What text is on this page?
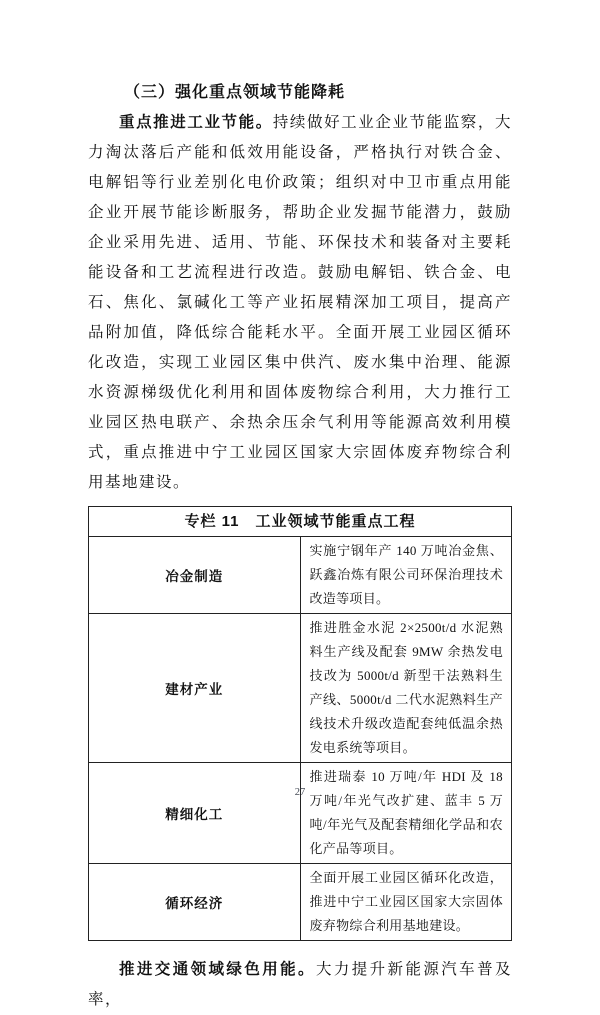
（三）强化重点领域节能降耗
重点推进工业节能。持续做好工业企业节能监察，大力淘汰落后产能和低效用能设备，严格执行对铁合金、电解铝等行业差别化电价政策；组织对中卫市重点用能企业开展节能诊断服务，帮助企业发掘节能潜力，鼓励企业采用先进、适用、节能、环保技术和装备对主要耗能设备和工艺流程进行改造。鼓励电解铝、铁合金、电石、焦化、氯碱化工等产业拓展精深加工项目，提高产品附加值，降低综合能耗水平。全面开展工业园区循环化改造，实现工业园区集中供汽、废水集中治理、能源水资源梯级优化利用和固体废物综合利用，大力推行工业园区热电联产、余热余压余气利用等能源高效利用模式，重点推进中宁工业园区国家大宗固体废弃物综合利用基地建设。
专栏 11　工业领域节能重点工程	
冶金制造	实施宁钢年产 140 万吨冶金焦、跃鑫冶炼有限公司环保治理技术改造等项目。
建材产业	推进胜金水泥 2×2500t/d 水泥熟料生产线及配套 9MW 余热发电技改为 5000t/d 新型干法熟料生产线、5000t/d 二代水泥熟料生产线技术升级改造配套纯低温余热发电系统等项目。
精细化工	推进瑞泰 10 万吨/年 HDI 及 18 万吨/年光气改扩建、蓝丰 5 万吨/年光气及配套精细化学品和农化产品等项目。
循环经济	全面开展工业园区循环化改造，推进中宁工业园区国家大宗固体废弃物综合利用基地建设。
推进交通领域绿色用能。大力提升新能源汽车普及率，
27
